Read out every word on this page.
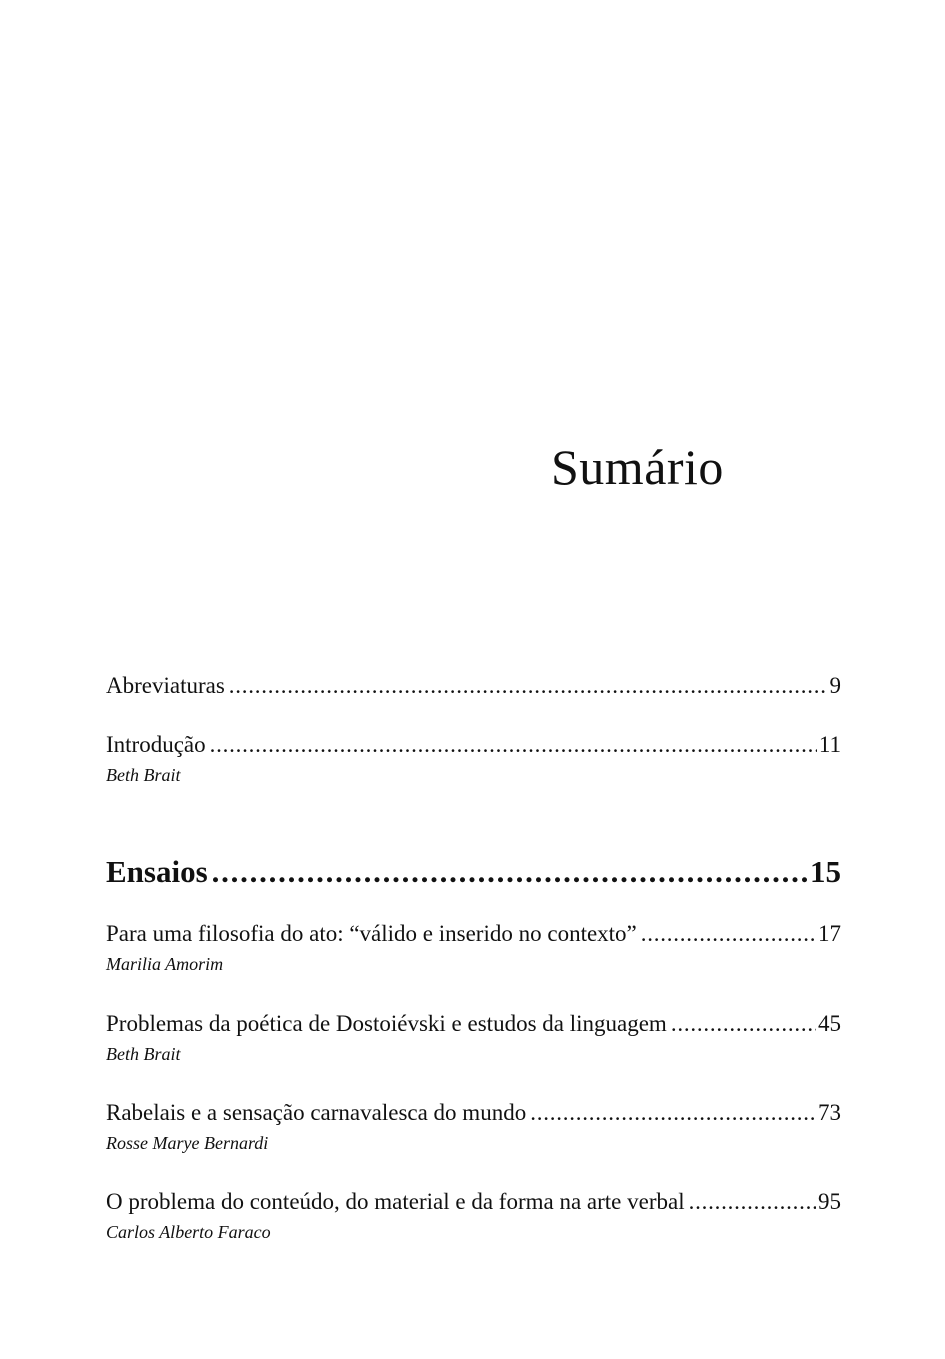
Sumário
Abreviaturas . . .	9
Introdução . . .	11
Beth Brait
Ensaios . . .	15
Para uma filosofia do ato: “válido e inserido no contexto” . . .	17
Marilia Amorim
Problemas da poética de Dostoiévski e estudos da linguagem . . .	45
Beth Brait
Rabelais e a sensação carnavalesca do mundo . . .	73
Rosse Marye Bernardi
O problema do conteúdo, do material e da forma na arte verbal . . .	95
Carlos Alberto Faraco
